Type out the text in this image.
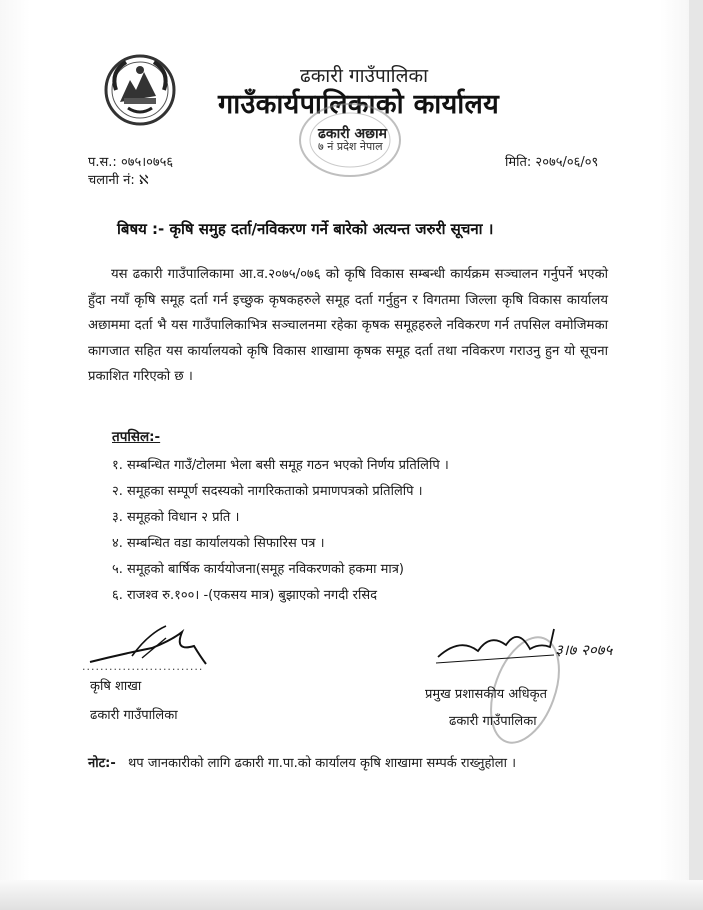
ढकारी गाउँपालिका
गाउँकार्यपालिकाको कार्यालय
ढकारी अछाम
७ नं प्रदेश नेपाल
प.स.: ०७५।०७५६
चलानी नं: ℵ
मिति: २०७५/०६/०९
बिषय :- कृषि समुह दर्ता/नविकरण गर्ने बारेको अत्यन्त जरुरी सूचना ।
यस ढकारी गाउँपालिकामा आ.व.२०७५/०७६ को कृषि विकास सम्बन्धी कार्यक्रम सञ्चालन गर्नुपर्ने भएको हुँदा नयाँ कृषि समूह दर्ता गर्न इच्छुक कृषकहरुले समूह दर्ता गर्नुहुन र विगतमा जिल्ला कृषि विकास कार्यालय अछाममा दर्ता भै यस गाउँपालिकाभित्र सञ्चालनमा रहेका कृषक समूहहरुले नविकरण गर्न तपसिल वमोजिमका कागजात सहित यस कार्यालयको कृषि विकास शाखामा कृषक समूह दर्ता तथा नविकरण गराउनु हुन यो सूचना प्रकाशित गरिएको छ ।
तपसिल:-
१. सम्बन्धित गाउँ/टोलमा भेला बसी समूह गठन भएको निर्णय प्रतिलिपि ।
२. समूहका सम्पूर्ण सदस्यको नागरिकताको प्रमाणपत्रको प्रतिलिपि ।
३. समूहको विधान २ प्रति ।
४. सम्बन्धित वडा कार्यालयको सिफारिस पत्र ।
५. समूहको बार्षिक कार्ययोजना(समूह नविकरणको हकमा मात्र)
६. राजश्व रु.१००। -(एकसय मात्र) बुझाएको नगदी रसिद
...........................
कृषि शाखा
ढकारी गाउँपालिका
३।७ २०७५
प्रमुख प्रशासकीय अधिकृत
ढकारी गाउँपालिका
नोट:- थप जानकारीको लागि ढकारी गा.पा.को कार्यालय कृषि शाखामा सम्पर्क राख्नुहोला ।
